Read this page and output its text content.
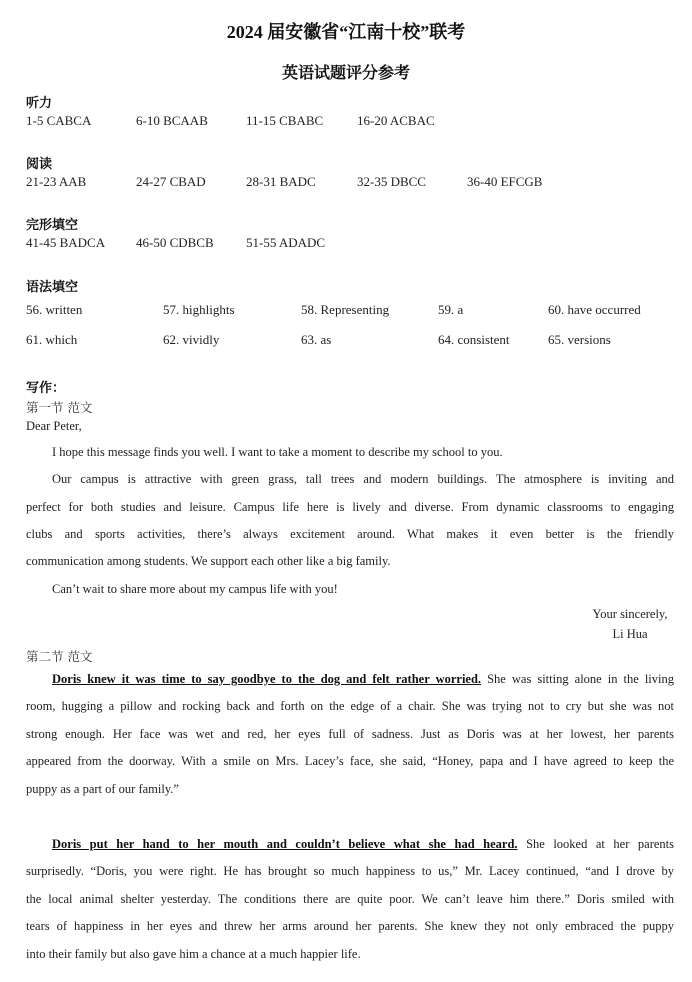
2024 届安徽省“江南十校”联考
英语试题评分参考
听力
1-5 CABCA	6-10 BCAAB	11-15 CBABC	16-20 ACBAC
阅读
21-23 AAB	24-27 CBAD	28-31 BADC	32-35 DBCC	36-40 EFCGB
完形填空
41-45 BADCA 46-50 CDBCB 51-55 ADADC
语法填空
56. written	57. highlights	58. Representing	59. a	60. have occurred
61. which	62. vividly	63. as	64. consistent	65. versions
写作：
第一节 范文
Dear Peter,
I hope this message finds you well. I want to take a moment to describe my school to you.
Our campus is attractive with green grass, tall trees and modern buildings. The atmosphere is inviting and
perfect for both studies and leisure. Campus life here is lively and diverse. From dynamic classrooms to engaging
clubs and sports activities, there’s always excitement around. What makes it even better is the friendly
communication among students. We support each other like a big family.
Can’t wait to share more about my campus life with you!
Your sincerely,
Li Hua
第二节 范文
Doris knew it was time to say goodbye to the dog and felt rather worried. She was sitting alone in the living
room, hugging a pillow and rocking back and forth on the edge of a chair. She was trying not to cry but she was not
strong enough. Her face was wet and red, her eyes full of sadness. Just as Doris was at her lowest, her parents
appeared from the doorway. With a smile on Mrs. Lacey’s face, she said, “Honey, papa and I have agreed to keep the
puppy as a part of our family.”
Doris put her hand to her mouth and couldn’t believe what she had heard. She looked at her parents
surprisedly. “Doris, you were right. He has brought so much happiness to us,” Mr. Lacey continued, “and I drove by
the local animal shelter yesterday. The conditions there are quite poor. We can’t leave him there.” Doris smiled with
tears of happiness in her eyes and threw her arms around her parents. She knew they not only embraced the puppy
into their family but also gave him a chance at a much happier life.
